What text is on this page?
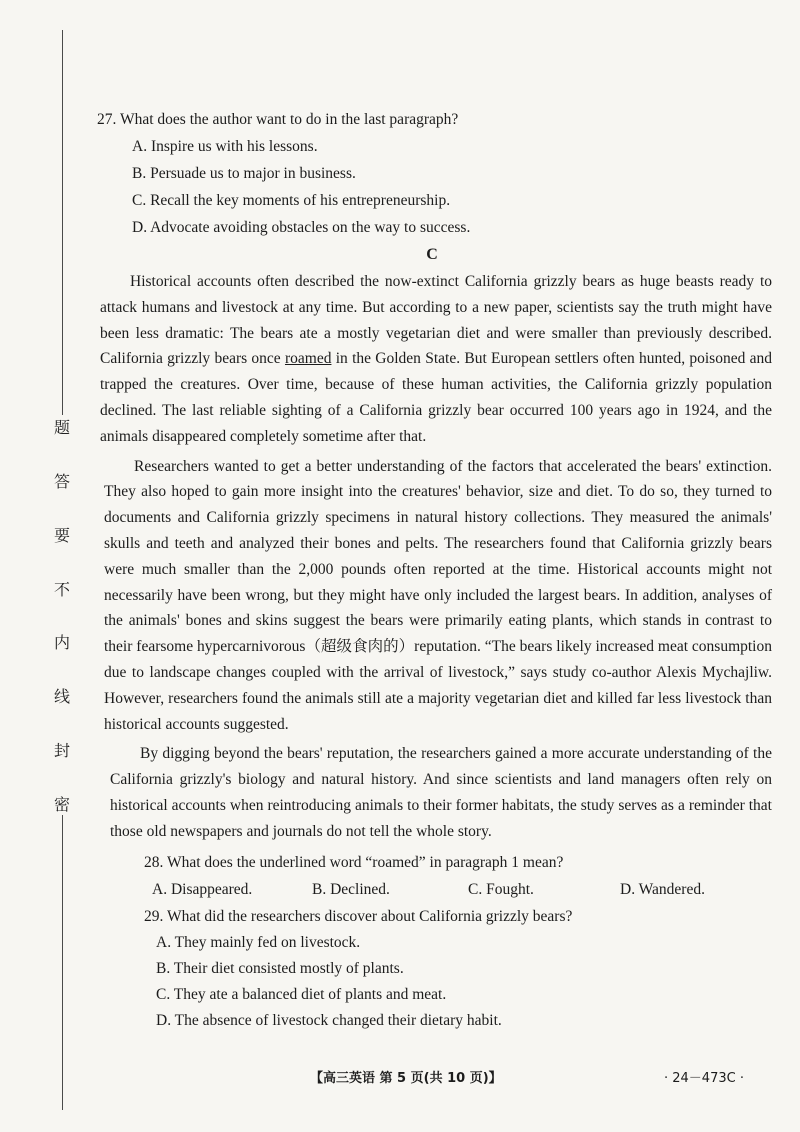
题
答
要
不
内
线
封
密
27. What does the author want to do in the last paragraph?
A. Inspire us with his lessons.
B. Persuade us to major in business.
C. Recall the key moments of his entrepreneurship.
D. Advocate avoiding obstacles on the way to success.
C

Historical accounts often described the now-extinct California grizzly bears as huge beasts ready to attack humans and livestock at any time. But according to a new paper, scientists say the truth might have been less dramatic: The bears ate a mostly vegetarian diet and were smaller than previously described. California grizzly bears once roamed in the Golden State. But European settlers often hunted, poisoned and trapped the creatures. Over time, because of these human activities, the California grizzly population declined. The last reliable sighting of a California grizzly bear occurred 100 years ago in 1924, and the animals disappeared completely sometime after that.

Researchers wanted to get a better understanding of the factors that accelerated the bears' extinction. They also hoped to gain more insight into the creatures' behavior, size and diet. To do so, they turned to documents and California grizzly specimens in natural history collections. They measured the animals' skulls and teeth and analyzed their bones and pelts. The researchers found that California grizzly bears were much smaller than the 2,000 pounds often reported at the time. Historical accounts might not necessarily have been wrong, but they might have only included the largest bears. In addition, analyses of the animals' bones and skins suggest the bears were primarily eating plants, which stands in contrast to their fearsome hypercarnivorous（超级食肉的）reputation. “The bears likely increased meat consumption due to landscape changes coupled with the arrival of livestock,” says study co-author Alexis Mychajliw. However, researchers found the animals still ate a majority vegetarian diet and killed far less livestock than historical accounts suggested.

By digging beyond the bears' reputation, the researchers gained a more accurate understanding of the California grizzly's biology and natural history. And since scientists and land managers often rely on historical accounts when reintroducing animals to their former habitats, the study serves as a reminder that those old newspapers and journals do not tell the whole story.

28. What does the underlined word “roamed” in paragraph 1 mean?
A. Disappeared.	B. Declined.	C. Fought.	D. Wandered.
29. What did the researchers discover about California grizzly bears?
A. They mainly fed on livestock.
B. Their diet consisted mostly of plants.
C. They ate a balanced diet of plants and meat.
D. The absence of livestock changed their dietary habit.
【高三英语 第 5 页(共 10 页)】	· 24－473C ·
